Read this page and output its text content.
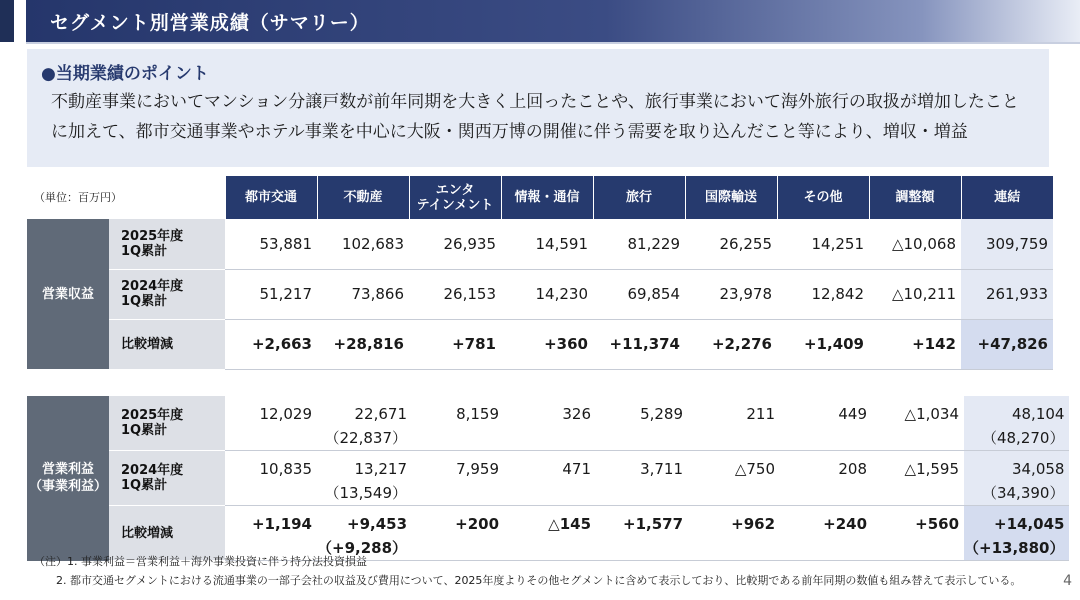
セグメント別営業成績（サマリー）
●当期業績のポイント
不動産事業においてマンション分譲戸数が前年同期を大きく上回ったことや、旅行事業において海外旅行の取扱が増加したこと
に加えて、都市交通事業やホテル事業を中心に大阪・関西万博の開催に伴う需要を取り込んだこと等により、増収・増益
（単位：百万円）
		都市交通	不動産	エンタ
テインメント	情報・通信	旅行	国際輸送	その他	調整額	連結
営業収益	2025年度
1Q累計	53,881	102,683	26,935	14,591	81,229	26,255	14,251	△10,068	309,759
	2024年度
1Q累計	51,217	73,866	26,153	14,230	69,854	23,978	12,842	△10,211	261,933
	比較増減	+2,663	+28,816	+781	+360	+11,374	+2,276	+1,409	+142	+47,826
営業利益
（事業利益）	2025年度
1Q累計	12,029	22,671
（22,837）	8,159	326	5,289	211	449	△1,034	48,104
（48,270）
	2024年度
1Q累計	10,835	13,217
（13,549）	7,959	471	3,711	△750	208	△1,595	34,058
（34,390）
	比較増減	+1,194	+9,453
（+9,288）	+200	△145	+1,577	+962	+240	+560	+14,045
（+13,880）
（注）1. 事業利益＝営業利益＋海外事業投資に伴う持分法投資損益
2. 都市交通セグメントにおける流通事業の一部子会社の収益及び費用について、2025年度よりその他セグメントに含めて表示しており、比較期である前年同期の数値も組み替えて表示している。	4
